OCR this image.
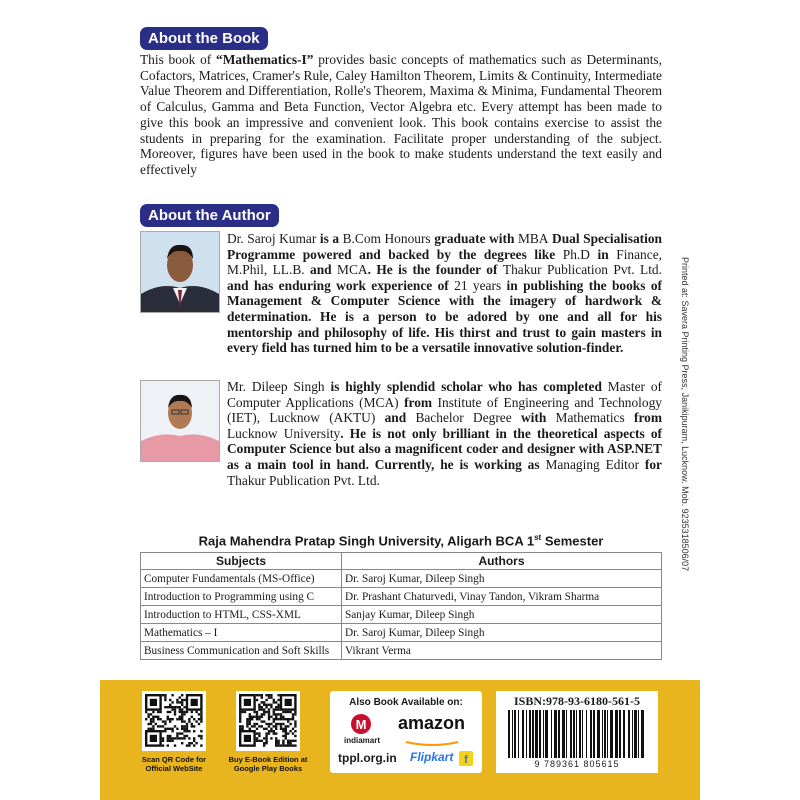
About the Book
This book of “Mathematics-I” provides basic concepts of mathematics such as Determinants, Cofactors, Matrices, Cramer's Rule, Caley Hamilton Theorem, Limits & Continuity, Intermediate Value Theorem and Differentiation, Rolle's Theorem, Maxima & Minima, Fundamental Theorem of Calculus, Gamma and Beta Function, Vector Algebra etc. Every attempt has been made to give this book an impressive and convenient look. This book contains exercise to assist the students in preparing for the examination. Facilitate proper understanding of the subject. Moreover, figures have been used in the book to make students understand the text easily and effectively
About the Author
Dr. Saroj Kumar is a B.Com Honours graduate with MBA Dual Specialisation Programme powered and backed by the degrees like Ph.D in Finance, M.Phil, LL.B. and MCA. He is the founder of Thakur Publication Pvt. Ltd. and has enduring work experience of 21 years in publishing the books of Management & Computer Science with the imagery of hardwork & determination. He is a person to be adored by one and all for his mentorship and philosophy of life. His thirst and trust to gain masters in every field has turned him to be a versatile innovative solution-finder.
Mr. Dileep Singh is highly splendid scholar who has completed Master of Computer Applications (MCA) from Institute of Engineering and Technology (IET), Lucknow (AKTU) and Bachelor Degree with Mathematics from Lucknow University. He is not only brilliant in the theoretical aspects of Computer Science but also a magnificent coder and designer with ASP.NET as a main tool in hand. Currently, he is working as Managing Editor for Thakur Publication Pvt. Ltd.	Printed at: Savera Printing Press, Janikipuram, Lucknow. Mob. 9235318506/07
Raja Mahendra Pratap Singh University, Aligarh BCA 1st Semester
Subjects	Authors
Computer Fundamentals (MS-Office)	Dr. Saroj Kumar, Dileep Singh
Introduction to Programming using C	Dr. Prashant Chaturvedi, Vinay Tandon, Vikram Sharma
Introduction to HTML, CSS-XML	Sanjay Kumar, Dileep Singh
Mathematics – I	Dr. Saroj Kumar, Dileep Singh
Business Communication and Soft Skills	Vikrant Verma
Scan QR Code for Official WebSite
Buy E-Book Edition at Google Play Books
Also Book Available on:
M
indiamart
amazon
tppl.org.in Flipkart f
ISBN:978-93-6180-561-5
9 789361 805615
